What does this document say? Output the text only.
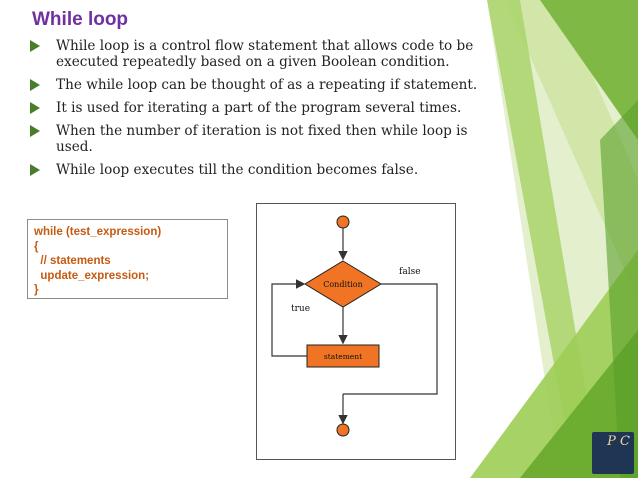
While loop
While loop is a control flow statement that allows code to be executed repeatedly based on a given Boolean condition.
The while loop can be thought of as a repeating if statement.
It is used for iterating a part of the program several times.
When the number of iteration is not fixed then while loop is used.
While loop executes till the condition becomes false.
while (test_expression)
{
// statements
update_expression;
}	Condition
false
true
statement
P C
